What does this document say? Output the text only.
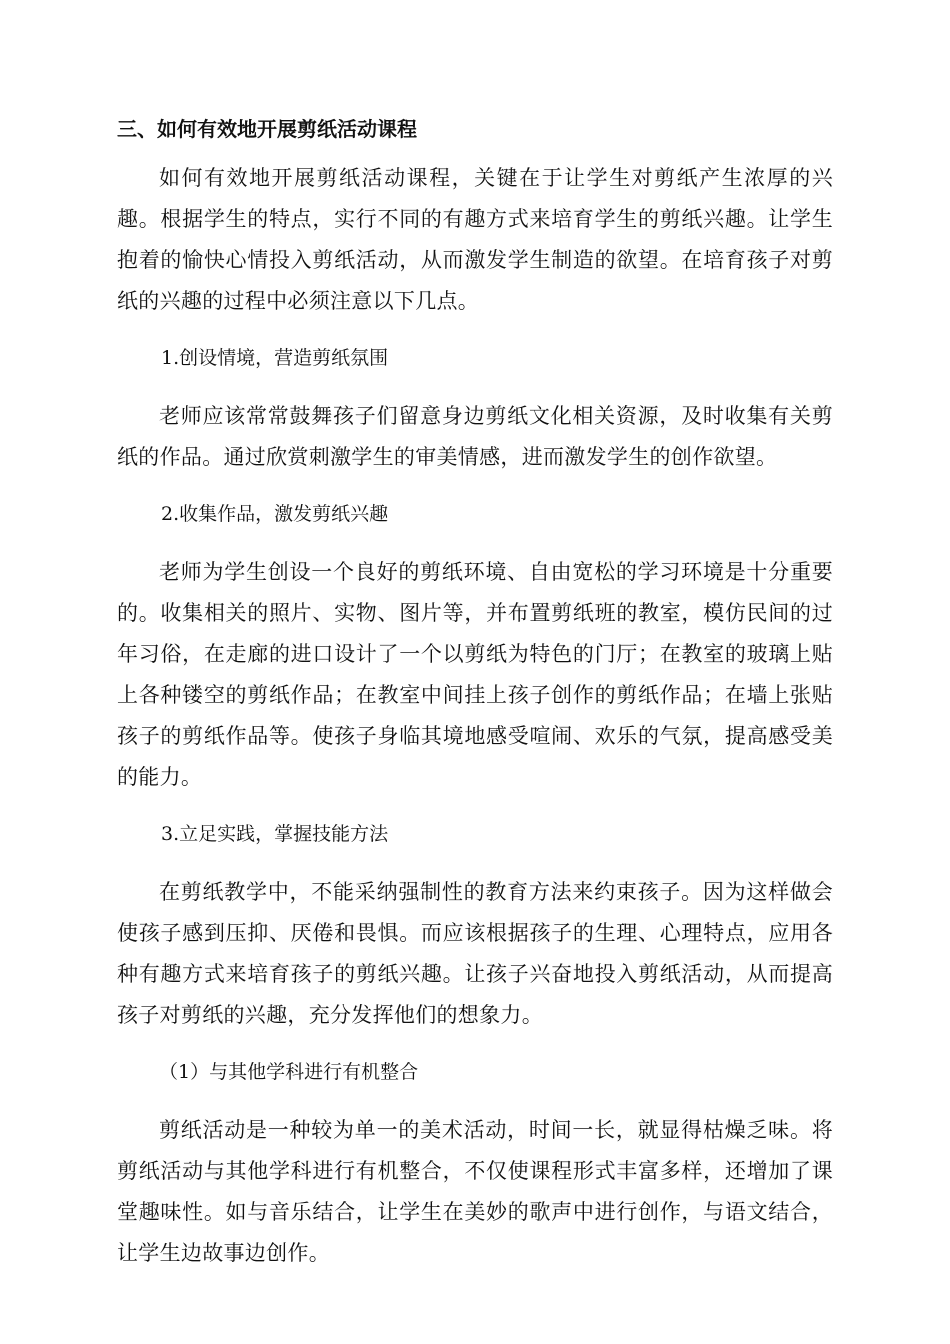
三、如何有效地开展剪纸活动课程

如何有效地开展剪纸活动课程，关键在于让学生对剪纸产生浓厚的兴趣。根据学生的特点，实行不同的有趣方式来培育学生的剪纸兴趣。让学生抱着的愉快心情投入剪纸活动，从而激发学生制造的欲望。在培育孩子对剪纸的兴趣的过程中必须注意以下几点。

1.创设情境，营造剪纸氛围

老师应该常常鼓舞孩子们留意身边剪纸文化相关资源，及时收集有关剪纸的作品。通过欣赏刺激学生的审美情感，进而激发学生的创作欲望。

2.收集作品，激发剪纸兴趣

老师为学生创设一个良好的剪纸环境、自由宽松的学习环境是十分重要的。收集相关的照片、实物、图片等，并布置剪纸班的教室，模仿民间的过年习俗，在走廊的进口设计了一个以剪纸为特色的门厅；在教室的玻璃上贴上各种镂空的剪纸作品；在教室中间挂上孩子创作的剪纸作品；在墙上张贴孩子的剪纸作品等。使孩子身临其境地感受喧闹、欢乐的气氛，提高感受美的能力。

3.立足实践，掌握技能方法

在剪纸教学中，不能采纳强制性的教育方法来约束孩子。因为这样做会使孩子感到压抑、厌倦和畏惧。而应该根据孩子的生理、心理特点，应用各种有趣方式来培育孩子的剪纸兴趣。让孩子兴奋地投入剪纸活动，从而提高孩子对剪纸的兴趣，充分发挥他们的想象力。

（1）与其他学科进行有机整合

剪纸活动是一种较为单一的美术活动，时间一长，就显得枯燥乏味。将剪纸活动与其他学科进行有机整合，不仅使课程形式丰富多样，还增加了课堂趣味性。如与音乐结合，让学生在美妙的歌声中进行创作，与语文结合，让学生边故事边创作。
